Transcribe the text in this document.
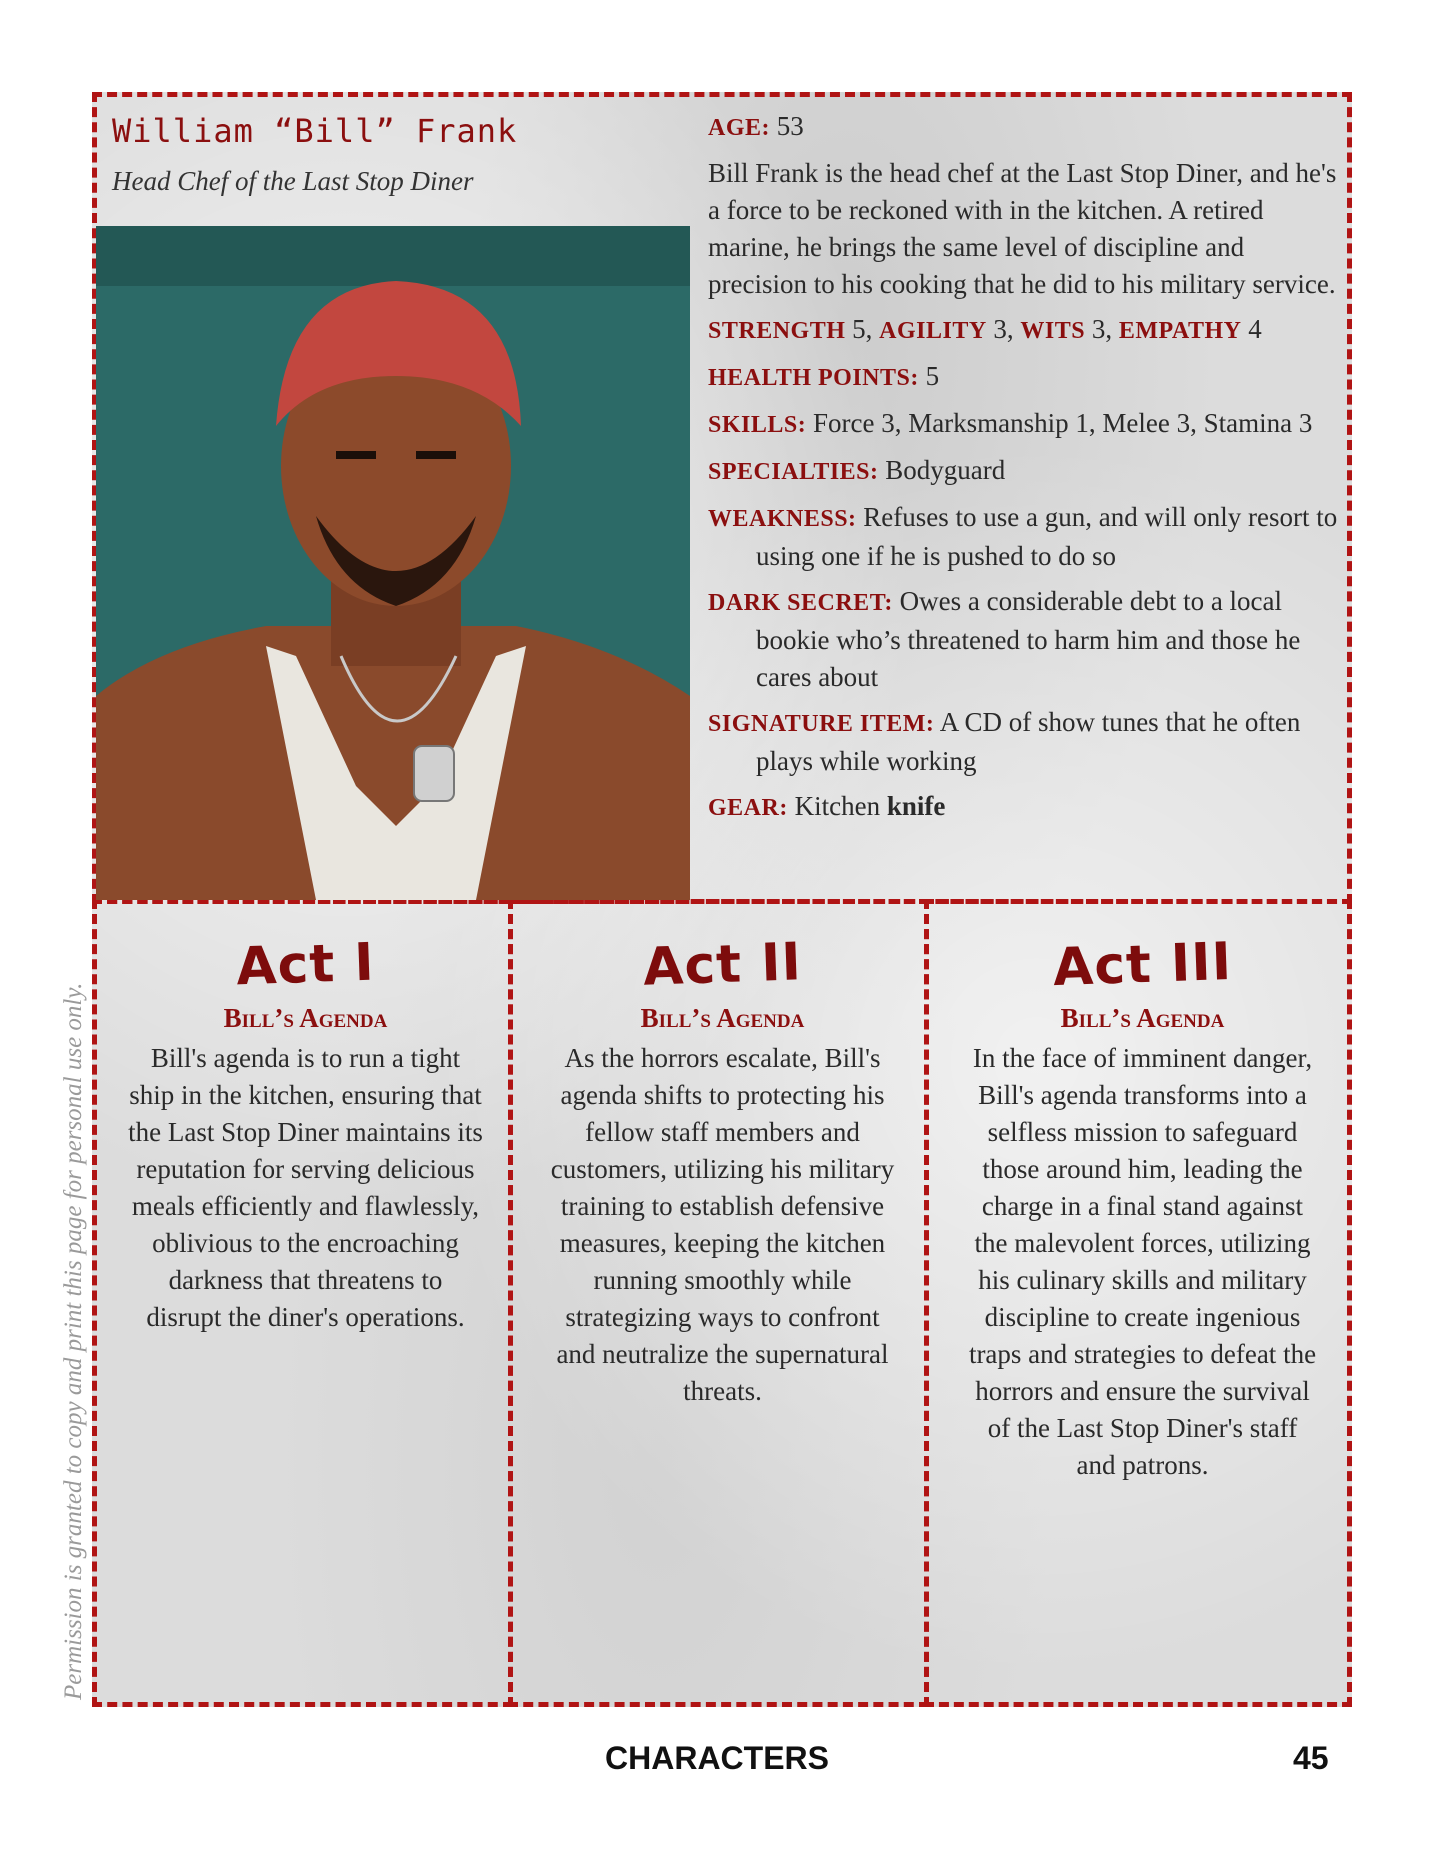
William “Bill” Frank
Head Chef of the Last Stop Diner

AGE: 53

Bill Frank is the head chef at the Last Stop Diner, and he's a force to be reckoned with in the kitchen. A retired marine, he brings the same level of discipline and precision to his cooking that he did to his military service.

STRENGTH 5, AGILITY 3, WITS 3, EMPATHY 4

HEALTH POINTS: 5

SKILLS: Force 3, Marksmanship 1, Melee 3, Stamina 3

SPECIALTIES: Bodyguard

WEAKNESS: Refuses to use a gun, and will only resort to using one if he is pushed to do so

DARK SECRET: Owes a considerable debt to a local bookie who’s threatened to harm him and those he cares about

SIGNATURE ITEM: A CD of show tunes that he often plays while working

GEAR: Kitchen knife

Act I
Bill’s Agenda

Bill's agenda is to run a tight ship in the kitchen, ensuring that the Last Stop Diner maintains its reputation for serving delicious meals efficiently and flawlessly, oblivious to the encroaching darkness that threatens to disrupt the diner's operations.

Act II
Bill’s Agenda

As the horrors escalate, Bill's agenda shifts to protecting his fellow staff members and customers, utilizing his military training to establish defensive measures, keeping the kitchen running smoothly while strategizing ways to confront and neutralize the supernatural threats.

Act III
Bill’s Agenda

In the face of imminent danger, Bill's agenda transforms into a selfless mission to safeguard those around him, leading the charge in a final stand against the malevolent forces, utilizing his culinary skills and military discipline to create ingenious traps and strategies to defeat the horrors and ensure the survival of the Last Stop Diner's staff and patrons.

Permission is granted to copy and print this page for personal use only.
CHARACTERS	45
